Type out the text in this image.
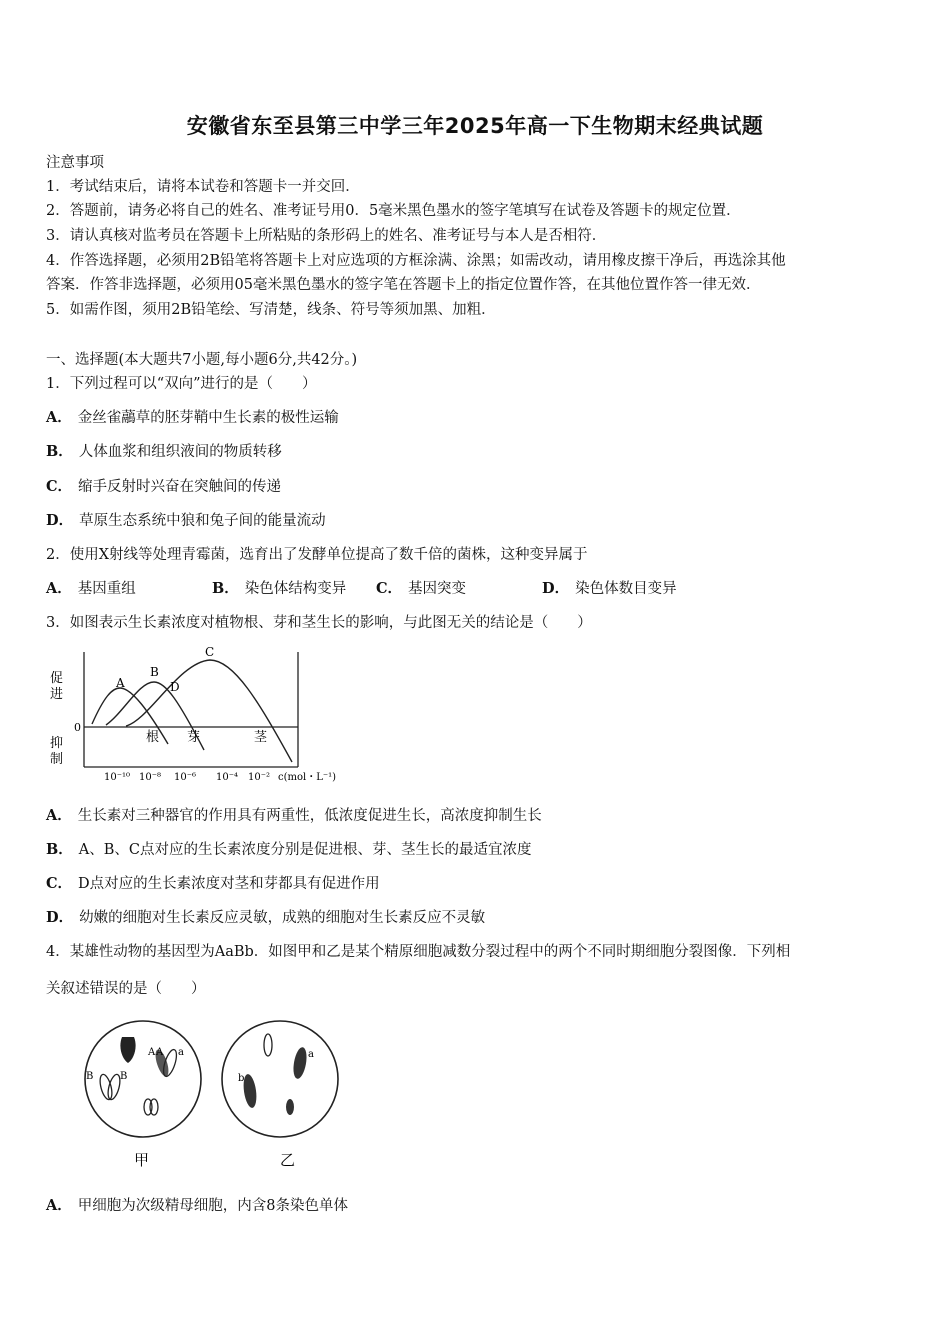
安徽省东至县第三中学三年2025年高一下生物期末经典试题
注意事项
1．考试结束后，请将本试卷和答题卡一并交回．
2．答题前，请务必将自己的姓名、准考证号用0．5毫米黑色墨水的签字笔填写在试卷及答题卡的规定位置．
3．请认真核对监考员在答题卡上所粘贴的条形码上的姓名、准考证号与本人是否相符．
4．作答选择题，必须用2B铅笔将答题卡上对应选项的方框涂满、涂黑；如需改动，请用橡皮擦干净后，再选涂其他
答案．作答非选择题，必须用05毫米黑色墨水的签字笔在答题卡上的指定位置作答，在其他位置作答一律无效．
5．如需作图，须用2B铅笔绘、写清楚，线条、符号等须加黑、加粗．
一、选择题(本大题共7小题,每小题6分,共42分。)
1．下列过程可以“双向”进行的是（　　）
A． 金丝雀虉草的胚芽鞘中生长素的极性运输
B． 人体血浆和组织液间的物质转移
C． 缩手反射时兴奋在突触间的传递
D． 草原生态系统中狼和兔子间的能量流动
2．使用X射线等处理青霉菌，选育出了发酵单位提高了数千倍的菌株，这种变异属于
A． 基因重组	B． 染色体结构变异 C． 基因突变	D． 染色体数目变异
3．如图表示生长素浓度对植物根、芽和茎生长的影响，与此图无关的结论是（　　）
A
B
C
D
根 芽	茎
促 进
0
抑 制
10⁻¹⁰ 10⁻⁸ 10⁻⁶ 10⁻⁴ 10⁻² c(mol・L⁻¹)
A． 生长素对三种器官的作用具有两重性，低浓度促进生长，高浓度抑制生长
B． A、B、C点对应的生长素浓度分别是促进根、芽、茎生长的最适宜浓度
C． D点对应的生长素浓度对茎和芽都具有促进作用
D． 幼嫩的细胞对生长素反应灵敏，成熟的细胞对生长素反应不灵敏
4．某雄性动物的基因型为AaBb．如图甲和乙是某个精原细胞减数分裂过程中的两个不同时期细胞分裂图像．下列相
关叙述错误的是（　　）
B	B
A A a
甲
a
b
乙
A． 甲细胞为次级精母细胞，内含8条染色单体
